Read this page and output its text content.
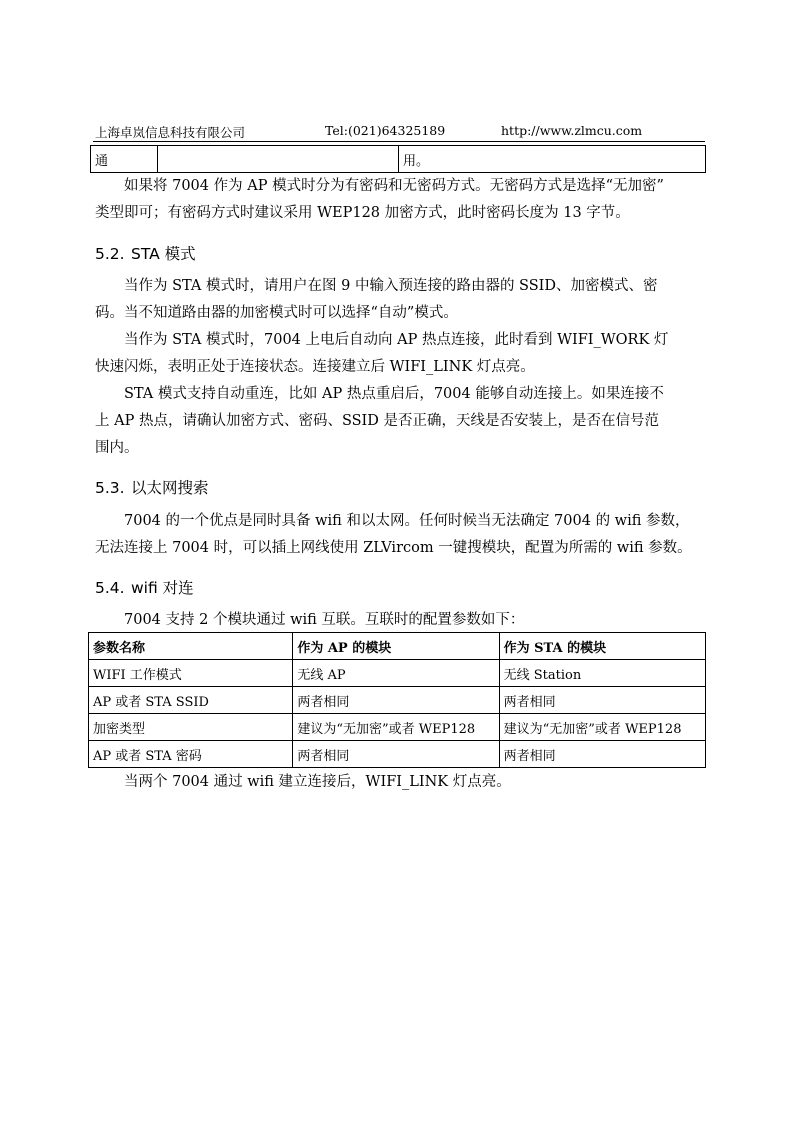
上海卓岚信息科技有限公司	Tel:(021)64325189	http://www.zlmcu.com
通		用。

如果将 7004 作为 AP 模式时分为有密码和无密码方式。无密码方式是选择“无加密”
类型即可；有密码方式时建议采用 WEP128 加密方式，此时密码长度为 13 字节。

5.2. STA 模式

当作为 STA 模式时，请用户在图 9 中输入预连接的路由器的 SSID、加密模式、密
码。当不知道路由器的加密模式时可以选择“自动”模式。
当作为 STA 模式时，7004 上电后自动向 AP 热点连接，此时看到 WIFI_WORK 灯
快速闪烁，表明正处于连接状态。连接建立后 WIFI_LINK 灯点亮。
STA 模式支持自动重连，比如 AP 热点重启后，7004 能够自动连接上。如果连接不
上 AP 热点，请确认加密方式、密码、SSID 是否正确，天线是否安装上，是否在信号范
围内。

5.3. 以太网搜索

7004 的一个优点是同时具备 wifi 和以太网。任何时候当无法确定 7004 的 wifi 参数，
无法连接上 7004 时，可以插上网线使用 ZLVircom 一键搜模块，配置为所需的 wifi 参数。

5.4. wifi 对连

7004 支持 2 个模块通过 wifi 互联。互联时的配置参数如下：

参数名称	作为 AP 的模块	作为 STA 的模块
WIFI 工作模式	无线 AP	无线 Station
AP 或者 STA SSID	两者相同	两者相同
加密类型	建议为“无加密”或者 WEP128	建议为“无加密”或者 WEP128
AP 或者 STA 密码	两者相同	两者相同

当两个 7004 通过 wifi 建立连接后，WIFI_LINK 灯点亮。
